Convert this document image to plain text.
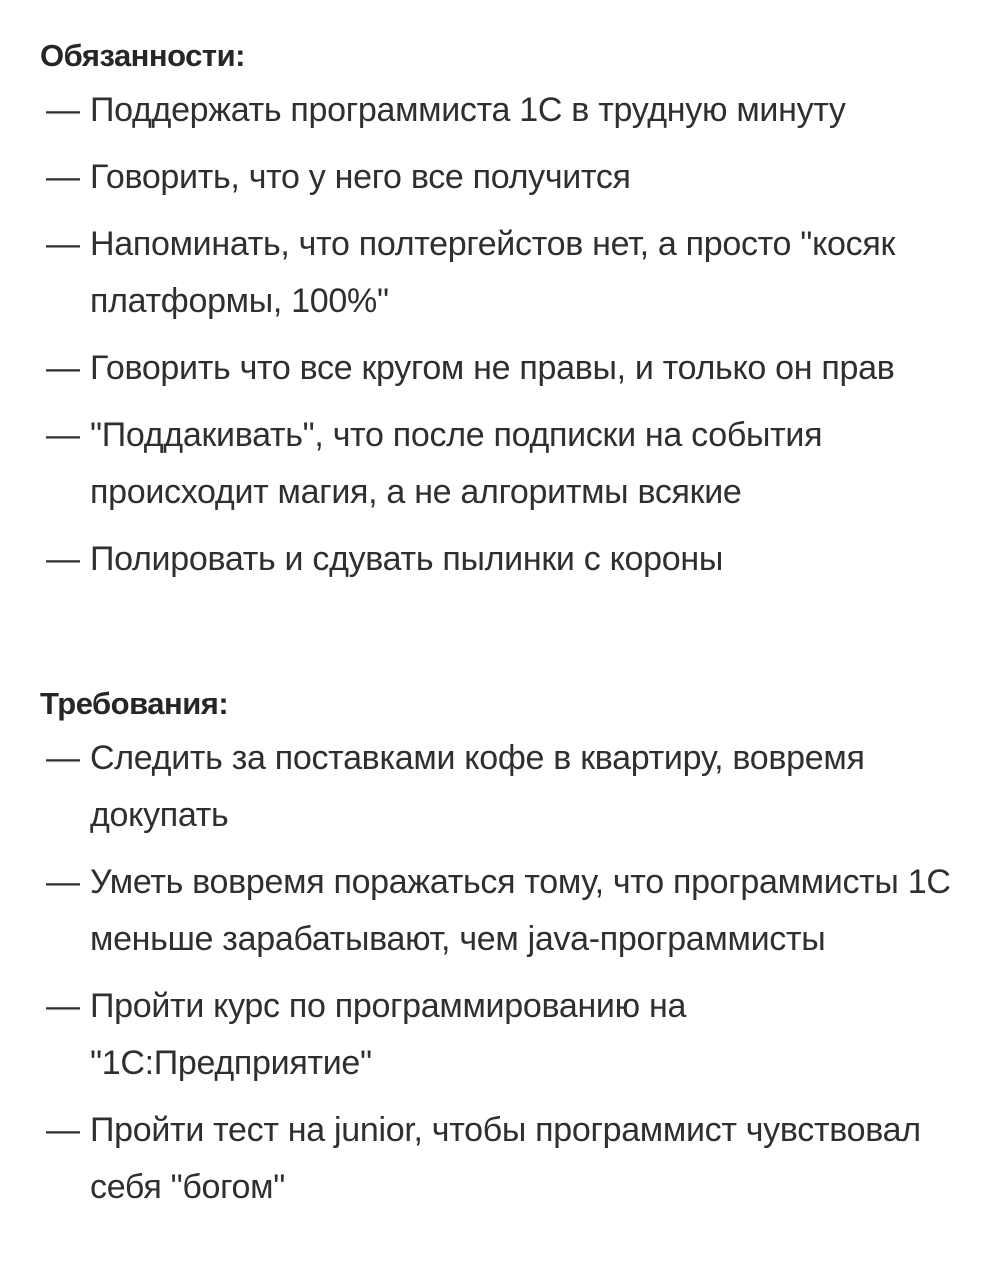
Обязанности:
— Поддержать программиста 1С в трудную минуту
— Говорить, что у него все получится
— Напоминать, что полтергейстов нет, а просто "косяк платформы, 100%"
— Говорить что все кругом не правы, и только он прав
— "Поддакивать", что после подписки на события происходит магия, а не алгоритмы всякие
— Полировать и сдувать пылинки с короны
Требования:
— Следить за поставками кофе в квартиру, вовремя докупать
— Уметь вовремя поражаться тому, что программисты 1С меньше зарабатывают, чем java-программисты
— Пройти курс по программированию на "1С:Предприятие"
— Пройти тест на junior, чтобы программист чувствовал себя "богом"
